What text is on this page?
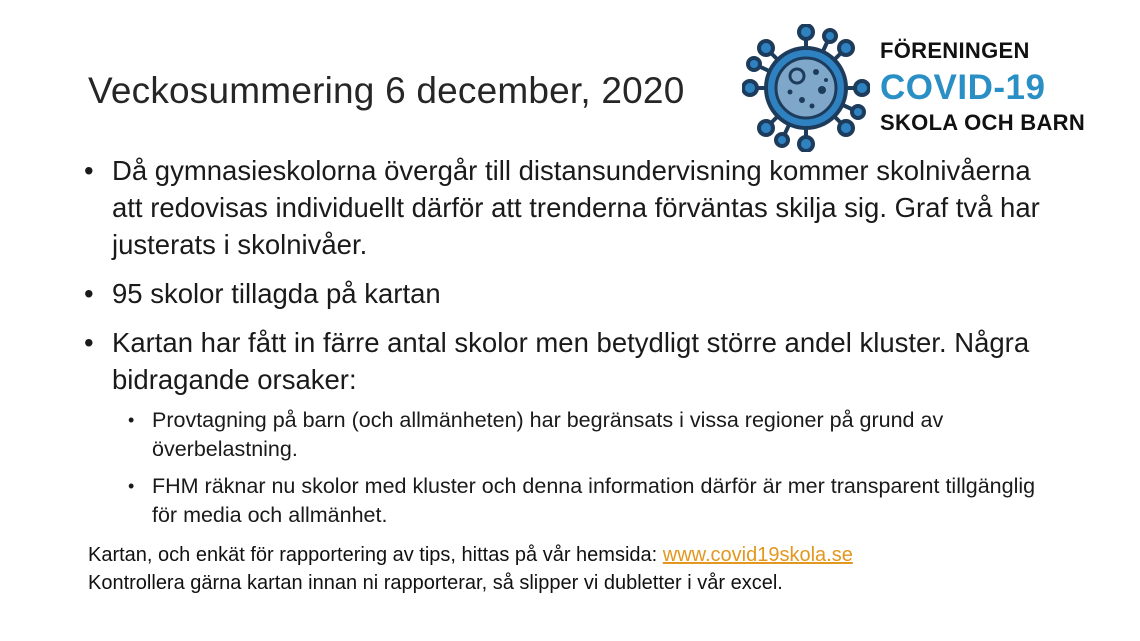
Veckosummering 6 december, 2020
FÖRENINGEN
COVID-19
SKOLA OCH BARN
• Då gymnasieskolorna övergår till distansundervisning kommer skolnivåerna att redovisas individuellt därför att trenderna förväntas skilja sig. Graf två har justerats i skolnivåer.
• 95 skolor tillagda på kartan
• Kartan har fått in färre antal skolor men betydligt större andel kluster. Några bidragande orsaker:
• Provtagning på barn (och allmänheten) har begränsats i vissa regioner på grund av överbelastning.
• FHM räknar nu skolor med kluster och denna information därför är mer transparent tillgänglig för media och allmänhet.
Kartan, och enkät för rapportering av tips, hittas på vår hemsida: www.covid19skola.se
Kontrollera gärna kartan innan ni rapporterar, så slipper vi dubletter i vår excel.
